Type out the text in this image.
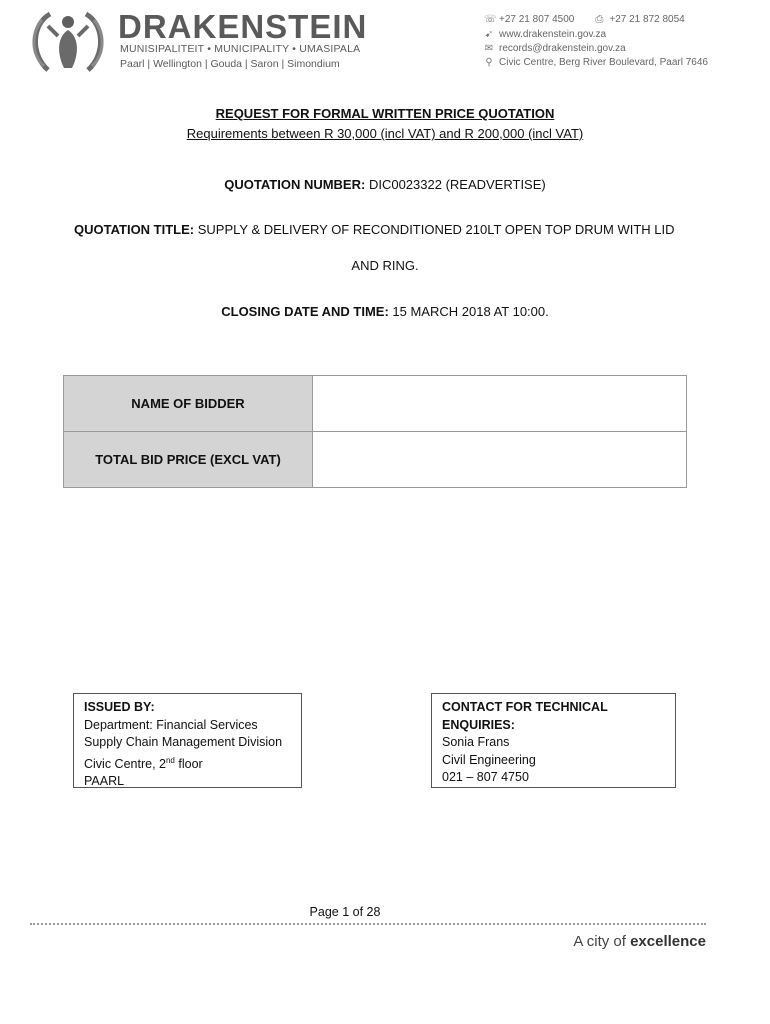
DRAKENSTEIN
MUNISIPALITEIT • MUNICIPALITY • UMASIPALA
Paarl | Wellington | Gouda | Saron | Simondium
☏ +27 21 807 4500 ⎙ +27 21 872 8054
➹ www.drakenstein.gov.za
✉ records@drakenstein.gov.za
⚲ Civic Centre, Berg River Boulevard, Paarl 7646
REQUEST FOR FORMAL WRITTEN PRICE QUOTATION
Requirements between R 30,000 (incl VAT) and R 200,000 (incl VAT)
QUOTATION NUMBER: DIC0023322 (READVERTISE)
QUOTATION TITLE: SUPPLY & DELIVERY OF RECONDITIONED 210LT OPEN TOP DRUM WITH LID
AND RING.
CLOSING DATE AND TIME: 15 MARCH 2018 AT 10:00.
NAME OF BIDDER	
TOTAL BID PRICE (EXCL VAT)	
ISSUED BY:
Department: Financial Services
Supply Chain Management Division
Civic Centre, 2nd floor
PAARL
CONTACT FOR TECHNICAL ENQUIRIES:
Sonia Frans
Civil Engineering
021 – 807 4750
Page 1 of 28
A city of excellence
